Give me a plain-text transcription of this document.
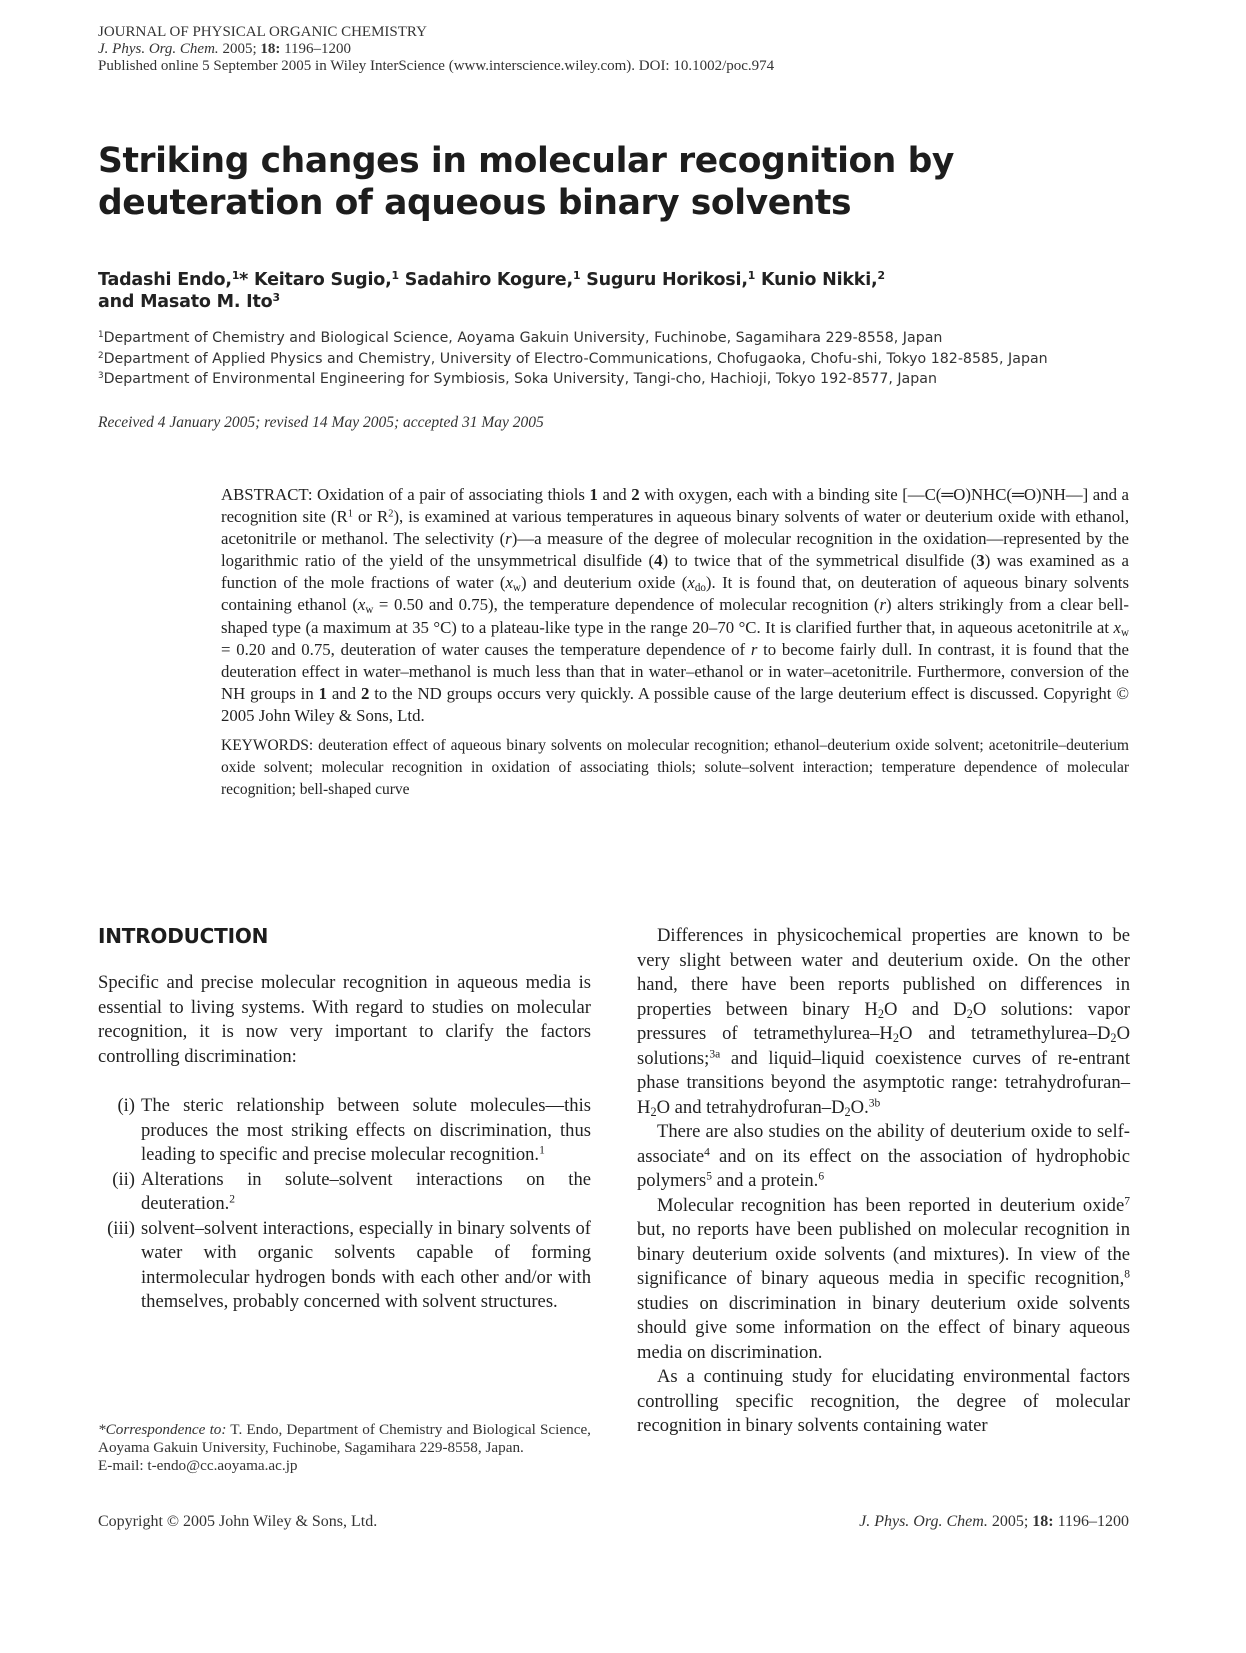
JOURNAL OF PHYSICAL ORGANIC CHEMISTRY
J. Phys. Org. Chem. 2005; 18: 1196–1200
Published online 5 September 2005 in Wiley InterScience (www.interscience.wiley.com). DOI: 10.1002/poc.974
Striking changes in molecular recognition by deuteration of aqueous binary solvents
Tadashi Endo,$^1$* Keitaro Sugio,$^1$ Sadahiro Kogure,$^1$ Suguru Horikosi,$^1$ Kunio Nikki,$^2$
and Masato M. Ito$^3$
$^1$Department of Chemistry and Biological Science, Aoyama Gakuin University, Fuchinobe, Sagamihara 229-8558, Japan
$^2$Department of Applied Physics and Chemistry, University of Electro-Communications, Chofugaoka, Chofu-shi, Tokyo 182-8585, Japan
$^3$Department of Environmental Engineering for Symbiosis, Soka University, Tangi-cho, Hachioji, Tokyo 192-8577, Japan
Received 4 January 2005; revised 14 May 2005; accepted 31 May 2005

ABSTRACT: Oxidation of a pair of associating thiols 1 and 2 with oxygen, each with a binding site [—C(═O)NHC(═O)NH—] and a recognition site ($R^1$ or $R^2$), is examined at various temperatures in aqueous binary solvents of water or deuterium oxide with ethanol, acetonitrile or methanol. The selectivity (r)—a measure of the degree of molecular recognition in the oxidation—represented by the logarithmic ratio of the yield of the unsymmetrical disulfide (4) to twice that of the symmetrical disulfide (3) was examined as a function of the mole fractions of water $(x_w)$ and deuterium oxide $(x_{do})$. It is found that, on deuteration of aqueous binary solvents containing ethanol ($x_w = 0.50$ and 0.75), the temperature dependence of molecular recognition (r) alters strikingly from a clear bell-shaped type (a maximum at 35 °C) to a plateau-like type in the range 20–70 °C. It is clarified further that, in aqueous acetonitrile at $x_w = 0.20$ and 0.75, deuteration of water causes the temperature dependence of r to become fairly dull. In contrast, it is found that the deuteration effect in water–methanol is much less than that in water–ethanol or in water–acetonitrile. Furthermore, conversion of the NH groups in 1 and 2 to the ND groups occurs very quickly. A possible cause of the large deuterium effect is discussed. Copyright © 2005 John Wiley & Sons, Ltd.

KEYWORDS: deuteration effect of aqueous binary solvents on molecular recognition; ethanol–deuterium oxide solvent; acetonitrile–deuterium oxide solvent; molecular recognition in oxidation of associating thiols; solute–solvent interaction; temperature dependence of molecular recognition; bell-shaped curve

INTRODUCTION

Specific and precise molecular recognition in aqueous media is essential to living systems. With regard to studies on molecular recognition, it is now very important to clarify the factors controlling discrimination:

(i) The steric relationship between solute molecules—this produces the most striking effects on discrimination, thus leading to specific and precise molecular recognition.$^1$
(ii) Alterations in solute–solvent interactions on the deuteration.$^2$
(iii) solvent–solvent interactions, especially in binary solvents of water with organic solvents capable of forming intermolecular hydrogen bonds with each other and/or with themselves, probably concerned with solvent structures.

Differences in physicochemical properties are known to be very slight between water and deuterium oxide. On the other hand, there have been reports published on differences in properties between binary $H_2O$ and $D_2O$ solutions: vapor pressures of tetramethylurea–$H_2O$ and tetramethylurea–$D_2O$ solutions;$^{3a}$ and liquid–liquid coexistence curves of re-entrant phase transitions beyond the asymptotic range: tetrahydrofuran–$H_2O$ and tetrahydrofuran–$D_2O.^{3b}$

There are also studies on the ability of deuterium oxide to self-associate$^4$ and on its effect on the association of hydrophobic polymers$^5$ and a protein.$^6$

Molecular recognition has been reported in deuterium oxide$^7$ but, no reports have been published on molecular recognition in binary deuterium oxide solvents (and mixtures). In view of the significance of binary aqueous media in specific recognition,$^8$ studies on discrimination in binary deuterium oxide solvents should give some information on the effect of binary aqueous media on discrimination.

As a continuing study for elucidating environmental factors controlling specific recognition, the degree of molecular recognition in binary solvents containing water

*Correspondence to: T. Endo, Department of Chemistry and Biological Science, Aoyama Gakuin University, Fuchinobe, Sagamihara 229-8558, Japan.
E-mail: t-endo@cc.aoyama.ac.jp
Copyright © 2005 John Wiley & Sons, Ltd.	J. Phys. Org. Chem. 2005; 18: 1196–1200
